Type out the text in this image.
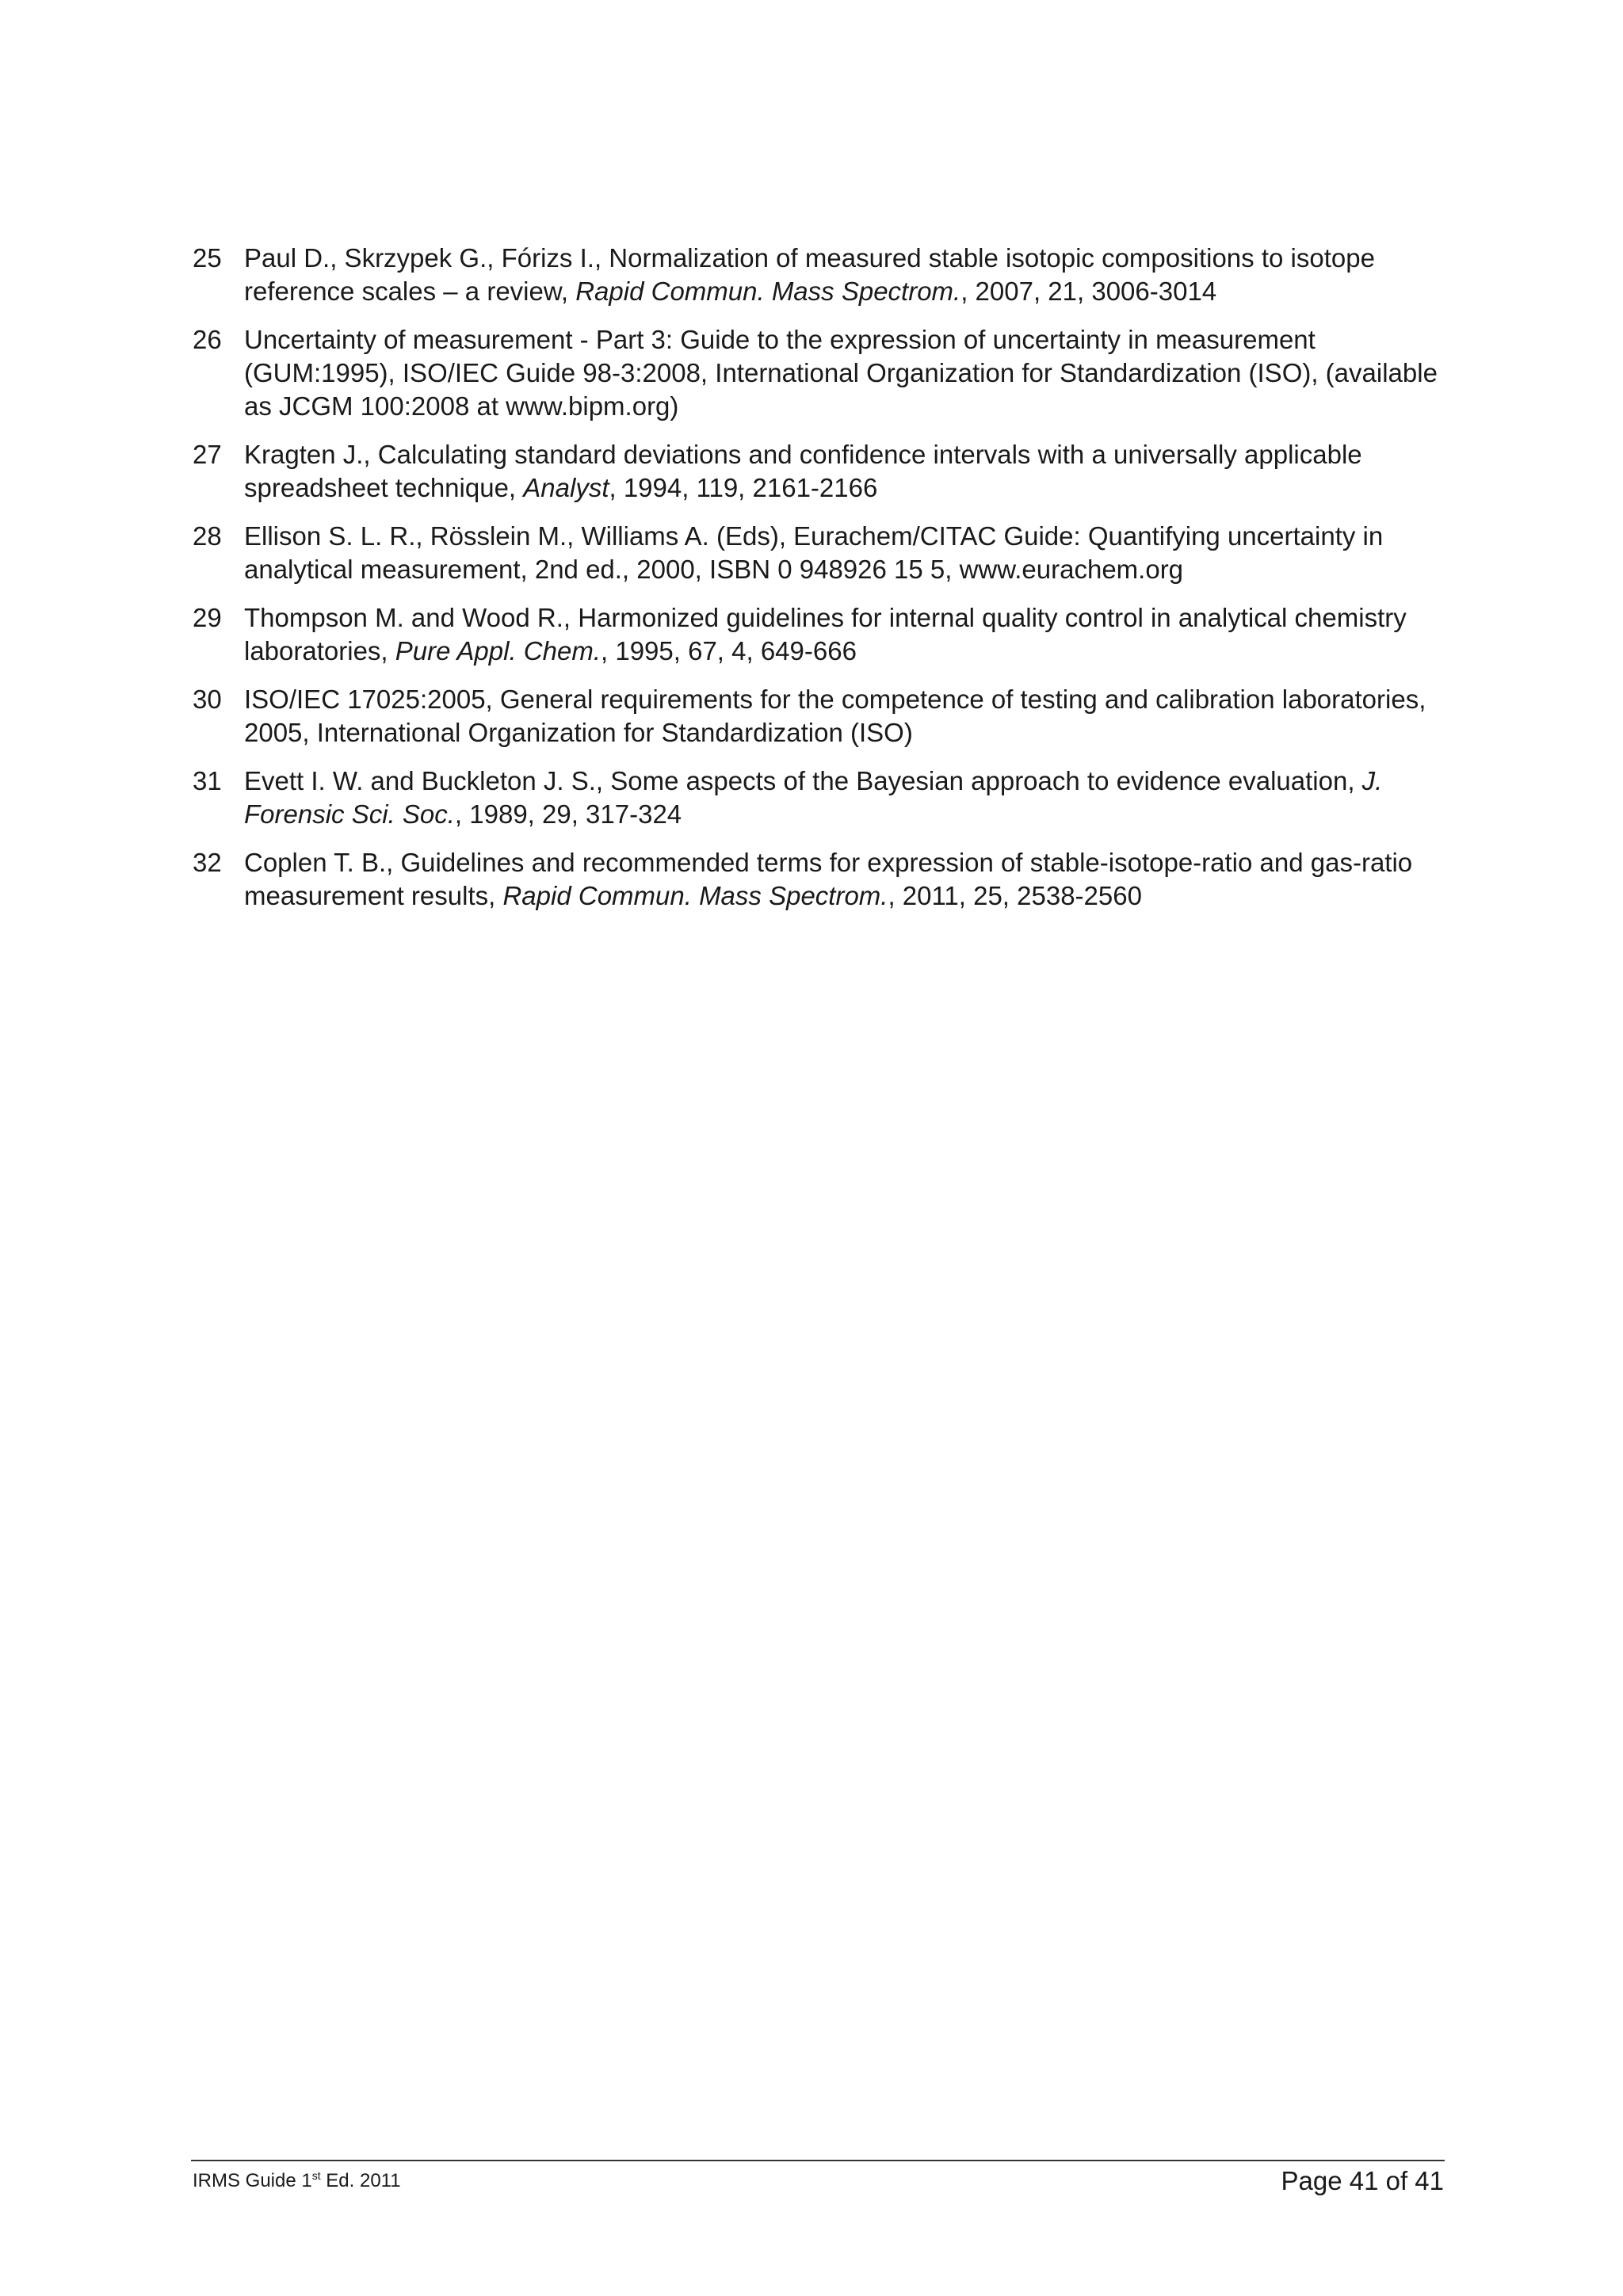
25 Paul D., Skrzypek G., Fórizs I., Normalization of measured stable isotopic compositions to isotope reference scales – a review, Rapid Commun. Mass Spectrom., 2007, 21, 3006-3014
26 Uncertainty of measurement - Part 3: Guide to the expression of uncertainty in measurement (GUM:1995), ISO/IEC Guide 98-3:2008, International Organization for Standardization (ISO), (available as JCGM 100:2008 at www.bipm.org)
27 Kragten J., Calculating standard deviations and confidence intervals with a universally applicable spreadsheet technique, Analyst, 1994, 119, 2161-2166
28 Ellison S. L. R., Rösslein M., Williams A. (Eds), Eurachem/CITAC Guide: Quantifying uncertainty in analytical measurement, 2nd ed., 2000, ISBN 0 948926 15 5, www.eurachem.org
29 Thompson M. and Wood R., Harmonized guidelines for internal quality control in analytical chemistry laboratories, Pure Appl. Chem., 1995, 67, 4, 649-666
30 ISO/IEC 17025:2005, General requirements for the competence of testing and calibration laboratories, 2005, International Organization for Standardization (ISO)
31 Evett I. W. and Buckleton J. S., Some aspects of the Bayesian approach to evidence evaluation, J. Forensic Sci. Soc., 1989, 29, 317-324
32 Coplen T. B., Guidelines and recommended terms for expression of stable-isotope-ratio and gas-ratio measurement results, Rapid Commun. Mass Spectrom., 2011, 25, 2538-2560
IRMS Guide 1st Ed. 2011	Page 41 of 41
